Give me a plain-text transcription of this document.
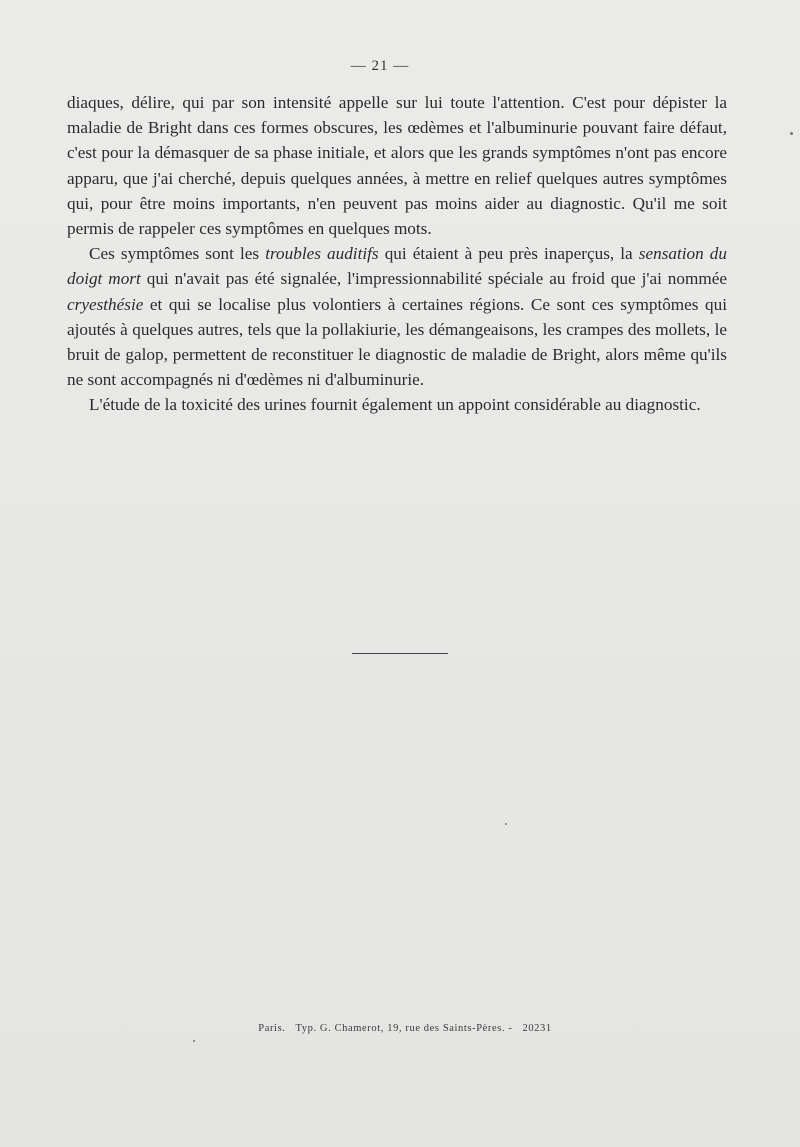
— 21 —

diaques, délire, qui par son intensité appelle sur lui toute l'attention. C'est pour dépister la maladie de Bright dans ces formes obscures, les œdèmes et l'albuminurie pouvant faire défaut, c'est pour la démasquer de sa phase initiale, et alors que les grands symptômes n'ont pas encore apparu, que j'ai cherché, depuis quelques années, à mettre en relief quelques autres symptômes qui, pour être moins importants, n'en peuvent pas moins aider au diagnostic. Qu'il me soit permis de rappeler ces symptômes en quelques mots.

Ces symptômes sont les troubles auditifs qui étaient à peu près inaperçus, la sensation du doigt mort qui n'avait pas été signalée, l'impressionnabilité spéciale au froid que j'ai nommée cryesthésie et qui se localise plus volontiers à certaines régions. Ce sont ces symptômes qui ajoutés à quelques autres, tels que la pollakiurie, les démangeaisons, les crampes des mollets, le bruit de galop, permettent de reconstituer le diagnostic de maladie de Bright, alors même qu'ils ne sont accompagnés ni d'œdèmes ni d'albuminurie.

L'étude de la toxicité des urines fournit également un appoint considérable au diagnostic.

Paris. Typ. G. Chamerot, 19, rue des Saints-Pères. - 20231
